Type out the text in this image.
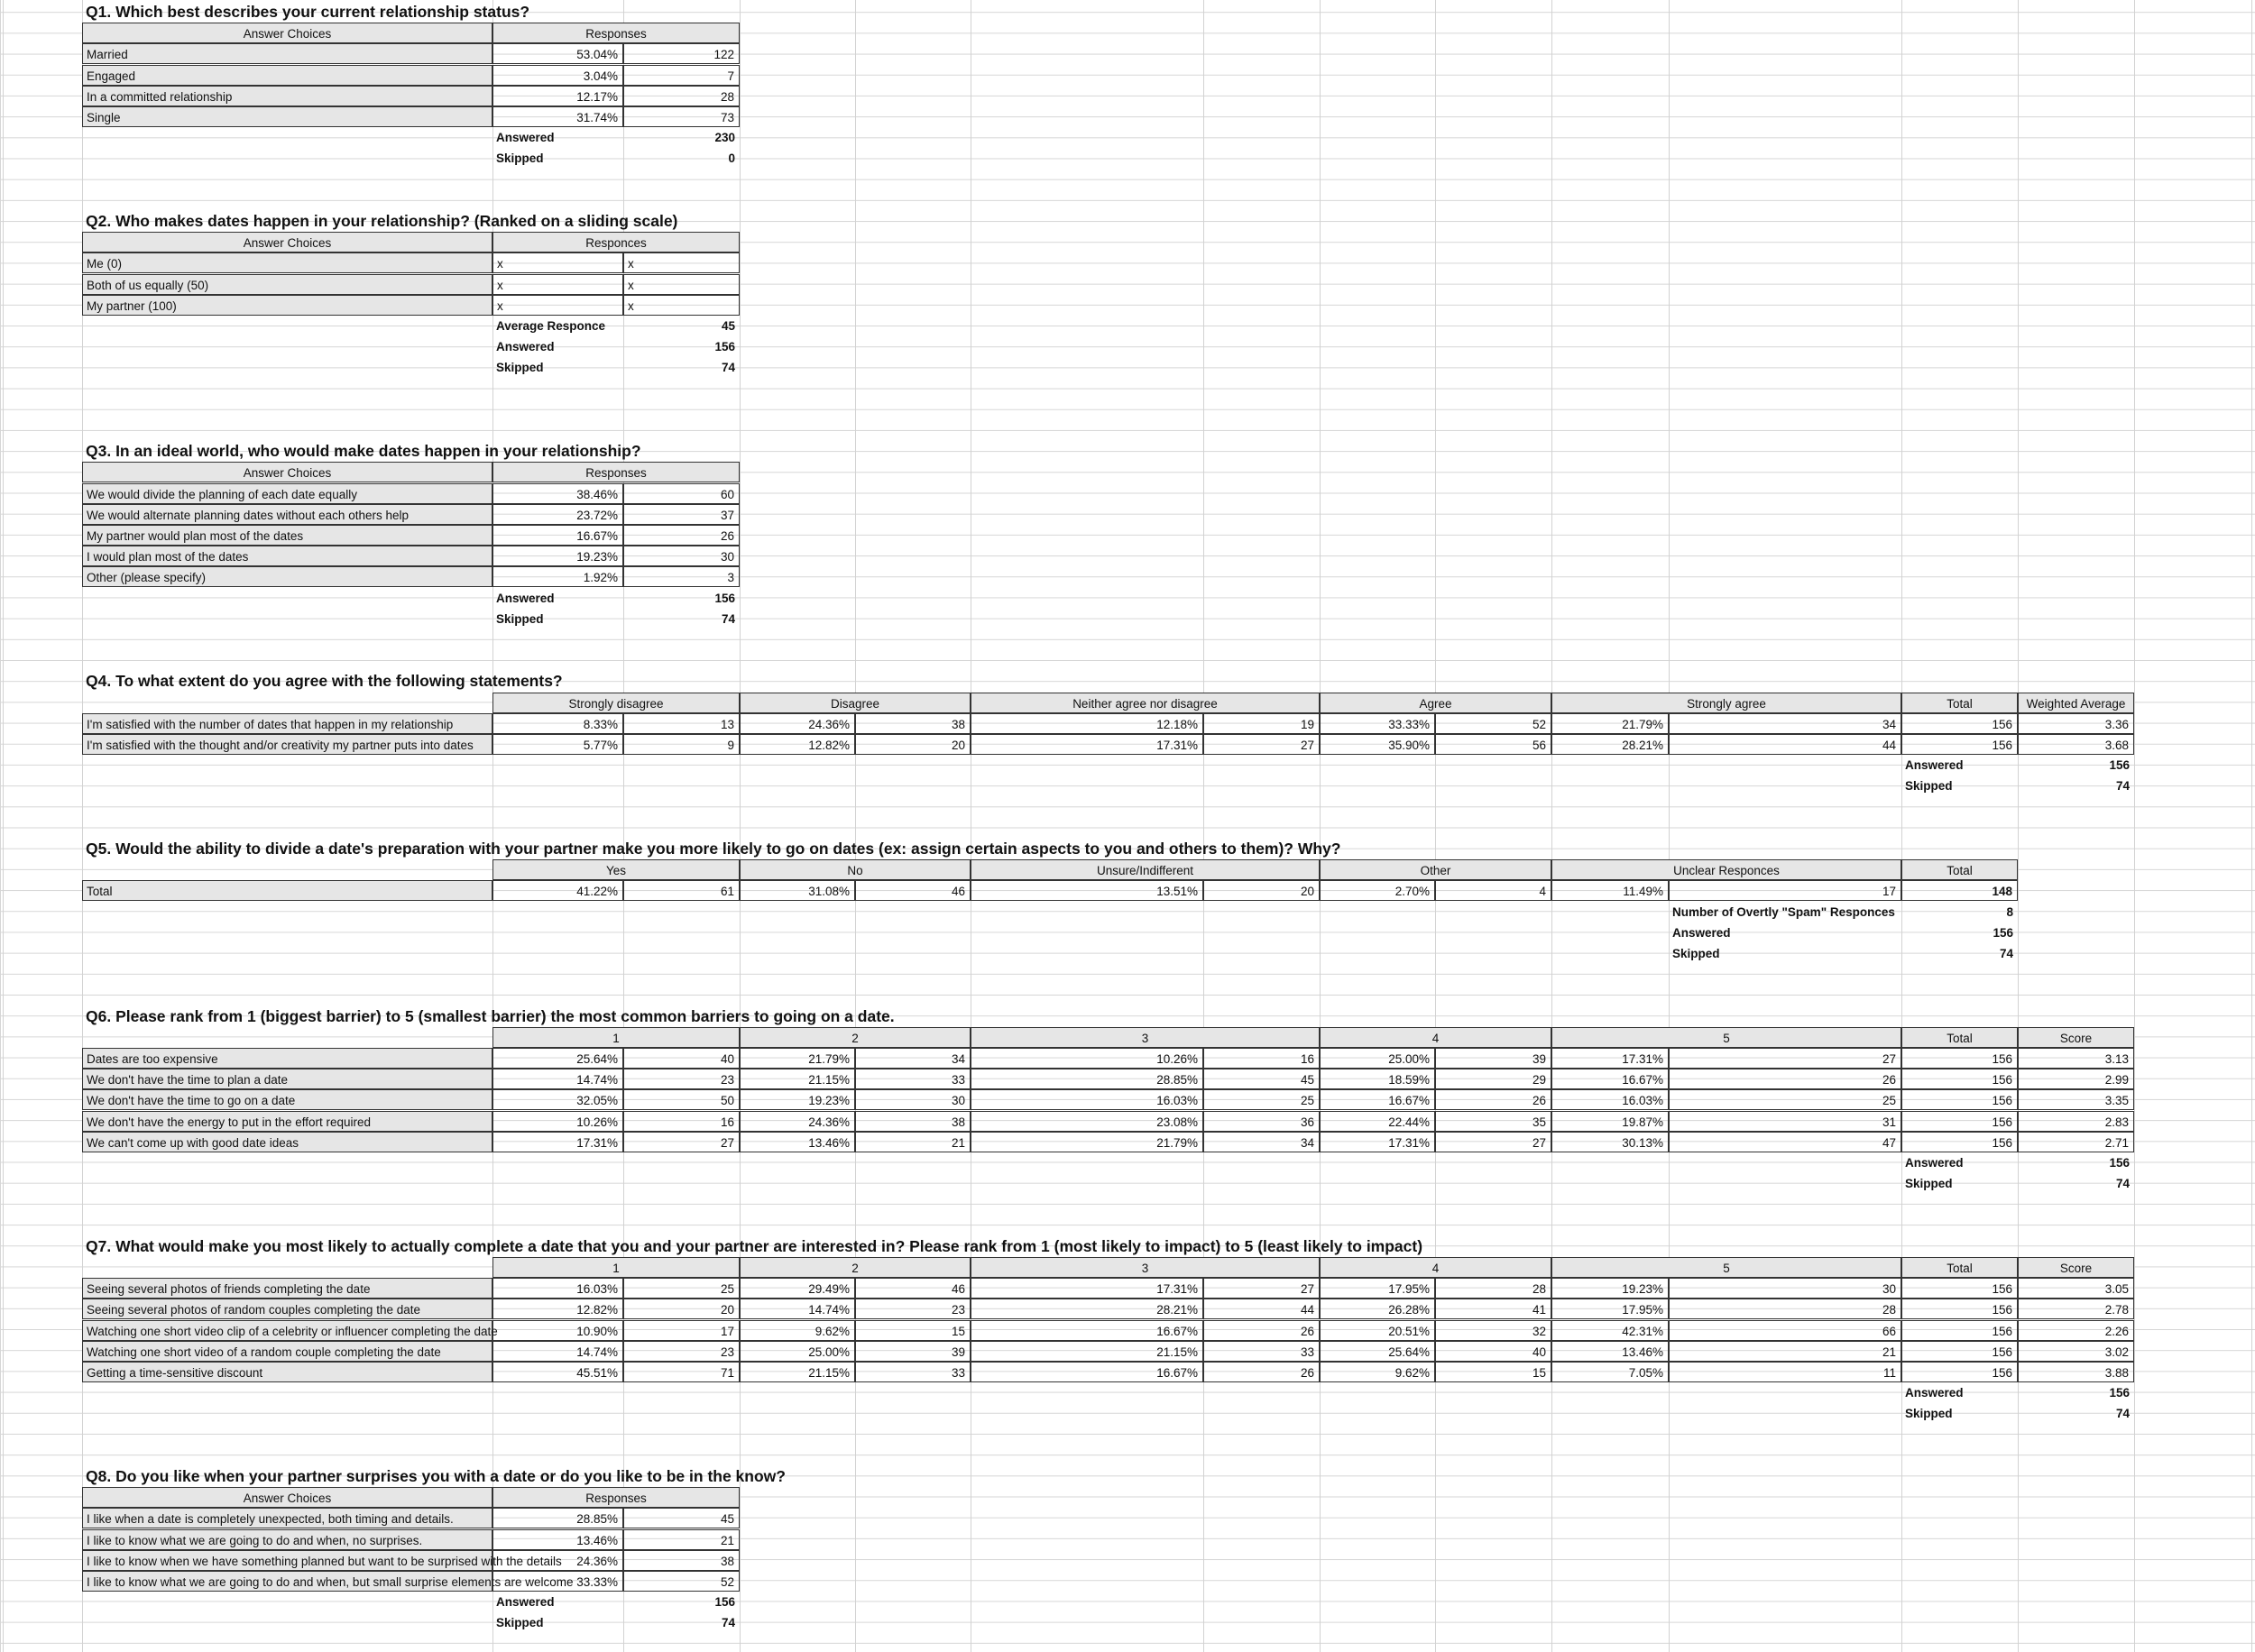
Q1. Which best describes your current relationship status?
Answer Choices	Responses
Married	53.04%	122
Engaged	3.04%	7
In a committed relationship	12.17%	28
Single	31.74%	73
Answered	230
Skipped	0
Q2. Who makes dates happen in your relationship? (Ranked on a sliding scale)
Answer Choices	Responces
Me (0)	x	x
Both of us equally (50)	x	x
My partner (100)	x	x
Average Responce	45
Answered	156
Skipped	74
Q3. In an ideal world, who would make dates happen in your relationship?
Answer Choices	Responses
We would divide the planning of each date equally	38.46%	60
We would alternate planning dates without each others help	23.72%	37
My partner would plan most of the dates	16.67%	26
I would plan most of the dates	19.23%	30
Other (please specify)	1.92%	3
Answered	156
Skipped	74
Q4. To what extent do you agree with the following statements?
Strongly disagree	Disagree	Neither agree nor disagree	Agree	Strongly agree	Total	Weighted Average
I'm satisfied with the number of dates that happen in my relationship	8.33%	13	24.36%	38	12.18%	19	33.33%	52	21.79%	34	156	3.36
I'm satisfied with the thought and/or creativity my partner puts into dates	5.77%	9	12.82%	20	17.31%	27	35.90%	56	28.21%	44	156	3.68
Answered	156
Skipped	74
Q5. Would the ability to divide a date's preparation with your partner make you more likely to go on dates (ex: assign certain aspects to you and others to them)? Why?
Yes	No	Unsure/Indifferent	Other	Unclear Responces	Total
Total	41.22%	61	31.08%	46	13.51%	20	2.70%	4	11.49%	17	148
Number of Overtly "Spam" Responces	8
Answered	156
Skipped	74
Q6. Please rank from 1 (biggest barrier) to 5 (smallest barrier) the most common barriers to going on a date.
1	2	3	4	5	Total	Score
Dates are too expensive	25.64%	40	21.79%	34	10.26%	16	25.00%	39	17.31%	27	156	3.13
We don't have the time to plan a date	14.74%	23	21.15%	33	28.85%	45	18.59%	29	16.67%	26	156	2.99
We don't have the time to go on a date	32.05%	50	19.23%	30	16.03%	25	16.67%	26	16.03%	25	156	3.35
We don't have the energy to put in the effort required	10.26%	16	24.36%	38	23.08%	36	22.44%	35	19.87%	31	156	2.83
We can't come up with good date ideas	17.31%	27	13.46%	21	21.79%	34	17.31%	27	30.13%	47	156	2.71
Answered	156
Skipped	74
Q7. What would make you most likely to actually complete a date that you and your partner are interested in? Please rank from 1 (most likely to impact) to 5 (least likely to impact)
1	2	3	4	5	Total	Score
Seeing several photos of friends completing the date	16.03%	25	29.49%	46	17.31%	27	17.95%	28	19.23%	30	156	3.05
Seeing several photos of random couples completing the date	12.82%	20	14.74%	23	28.21%	44	26.28%	41	17.95%	28	156	2.78
Watching one short video clip of a celebrity or influencer completing the date	10.90%	17	9.62%	15	16.67%	26	20.51%	32	42.31%	66	156	2.26
Watching one short video of a random couple completing the date	14.74%	23	25.00%	39	21.15%	33	25.64%	40	13.46%	21	156	3.02
Getting a time-sensitive discount	45.51%	71	21.15%	33	16.67%	26	9.62%	15	7.05%	11	156	3.88
Answered	156
Skipped	74
Q8. Do you like when your partner surprises you with a date or do you like to be in the know?
Answer Choices	Responses
I like when a date is completely unexpected, both timing and details.	28.85%	45
I like to know what we are going to do and when, no surprises.	13.46%	21
I like to know when we have something planned but want to be surprised with the details	24.36%	38
I like to know what we are going to do and when, but small surprise elements are welcome 33.33%	52
Answered	156
Skipped	74
